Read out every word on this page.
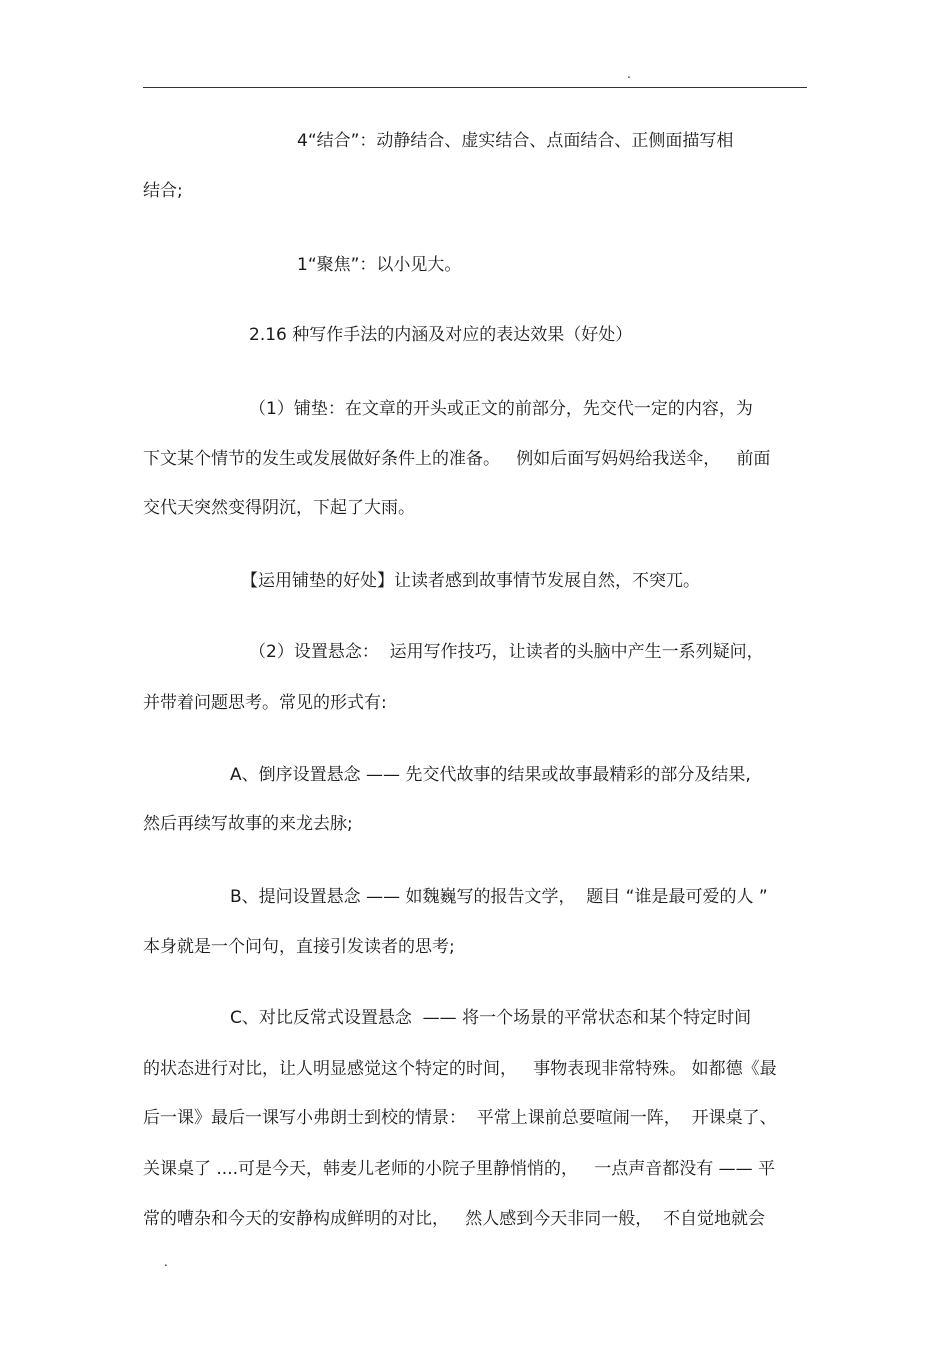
.
4“结合”：动静结合、虚实结合、点面结合、正侧面描写相
结合;
1“聚焦”：以小见大。
2.16 种写作手法的内涵及对应的表达效果（好处）
（1）铺垫：在文章的开头或正文的前部分，先交代一定的内容，为
下文某个情节的发生或发展做好条件上的准备。   例如后面写妈妈给我送伞，   前面
交代天突然变得阴沉，下起了大雨。
【运用铺垫的好处】让读者感到故事情节发展自然，不突兀。
（2）设置悬念：  运用写作技巧，让读者的头脑中产生一系列疑问，
并带着问题思考。常见的形式有:
A、倒序设置悬念 —— 先交代故事的结果或故事最精彩的部分及结果,
然后再续写故事的来龙去脉;
B、提问设置悬念 —— 如魏巍写的报告文学，  题目 “谁是最可爱的人 ”
本身就是一个问句，直接引发读者的思考;
C、对比反常式设置悬念  —— 将一个场景的平常状态和某个特定时间
的状态进行对比，让人明显感觉这个特定的时间，   事物表现非常特殊。 如都德《最
后一课》最后一课写小弗朗士到校的情景：  平常上课前总要喧闹一阵，  开课桌了、
关课桌了 ....可是今天，韩麦儿老师的小院子里静悄悄的，   一点声音都没有 —— 平
常的嘈杂和今天的安静构成鲜明的对比，   然人感到今天非同一般，  不自觉地就会
.
